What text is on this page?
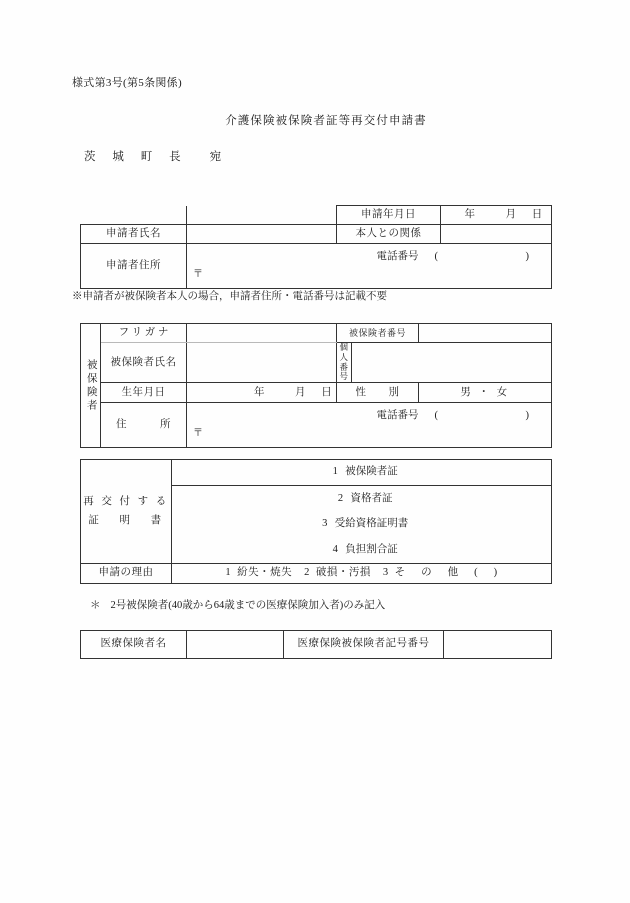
様式第3号(第5条関係)
介護保険被保険者証等再交付申請書
茨 城 町 長 宛
		申請年月日	年 月 日
申請者氏名		本人との関係	
申請者住所	〒
電話番号 (　　　)		
※申請者が被保険者本人の場合，申請者住所・電話番号は記載不要
被保険者	フ リ ガ ナ		被保険者番号		

	被保険者氏名		個人番号		

	生年月日	年 月 日	性　　別		男 ・ 女
	住　　　所	〒
電話番号 (　　　)			
再 交 付 す る
証　 明　 書	1 被保険者証
	2 資格者証
	3 受給資格証明書
	4 負担割合証
申請の理由	1 紛失・焼失 2 破損・汚損 3 その他()
＊ 2号被保険者(40歳から64歳までの医療保険加入者)のみ記入
医療保険者名		医療保険被保険者記号番号	
